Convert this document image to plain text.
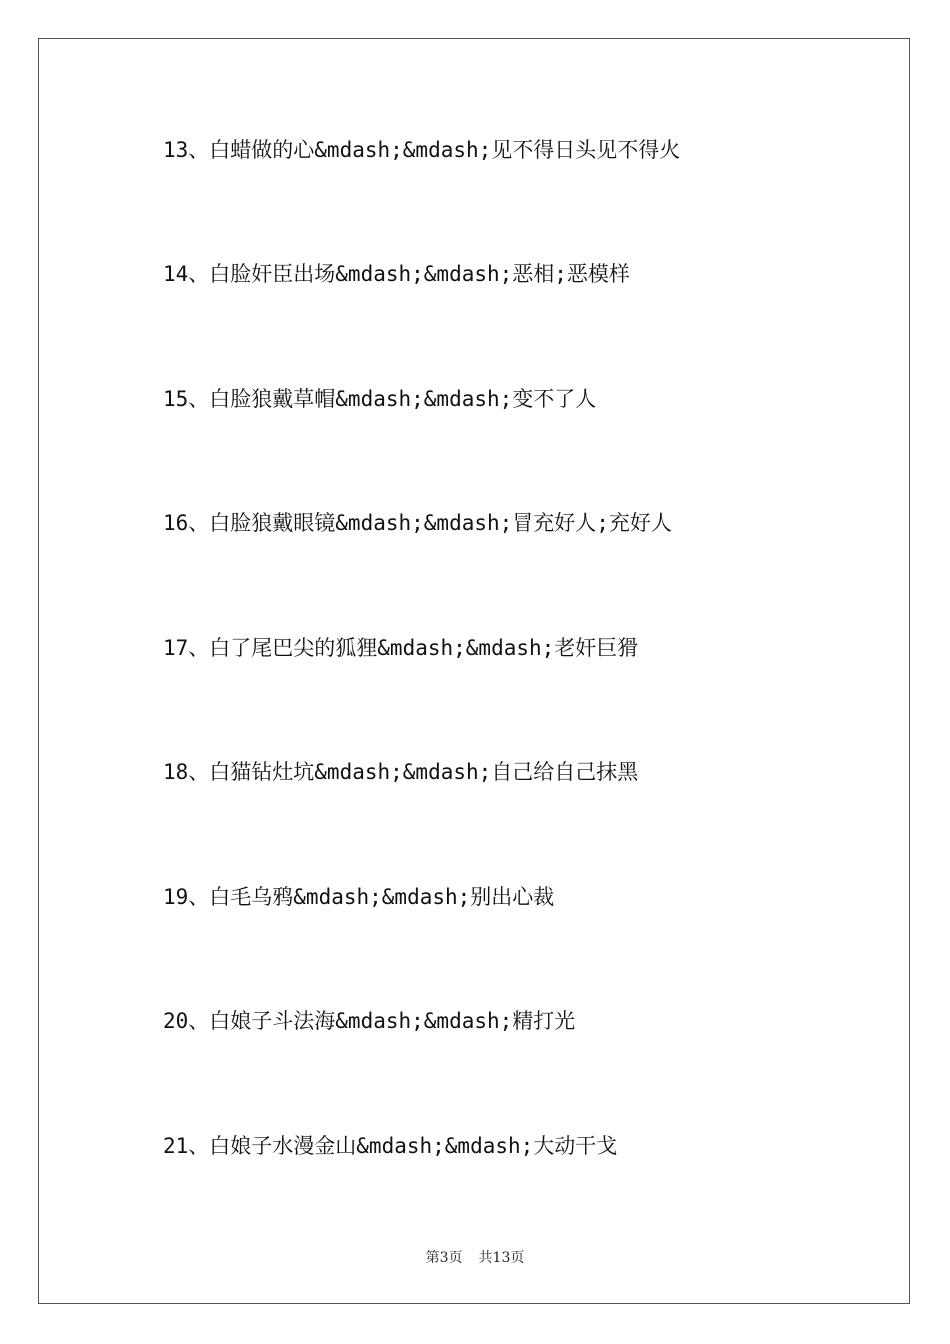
13、白蜡做的心&mdash;&mdash;见不得日头见不得火
14、白脸奸臣出场&mdash;&mdash;恶相;恶模样
15、白脸狼戴草帽&mdash;&mdash;变不了人
16、白脸狼戴眼镜&mdash;&mdash;冒充好人;充好人
17、白了尾巴尖的狐狸&mdash;&mdash;老奸巨猾
18、白猫钻灶坑&mdash;&mdash;自己给自己抹黑
19、白毛乌鸦&mdash;&mdash;别出心裁
20、白娘子斗法海&mdash;&mdash;精打光
21、白娘子水漫金山&mdash;&mdash;大动干戈
第3页 共13页
